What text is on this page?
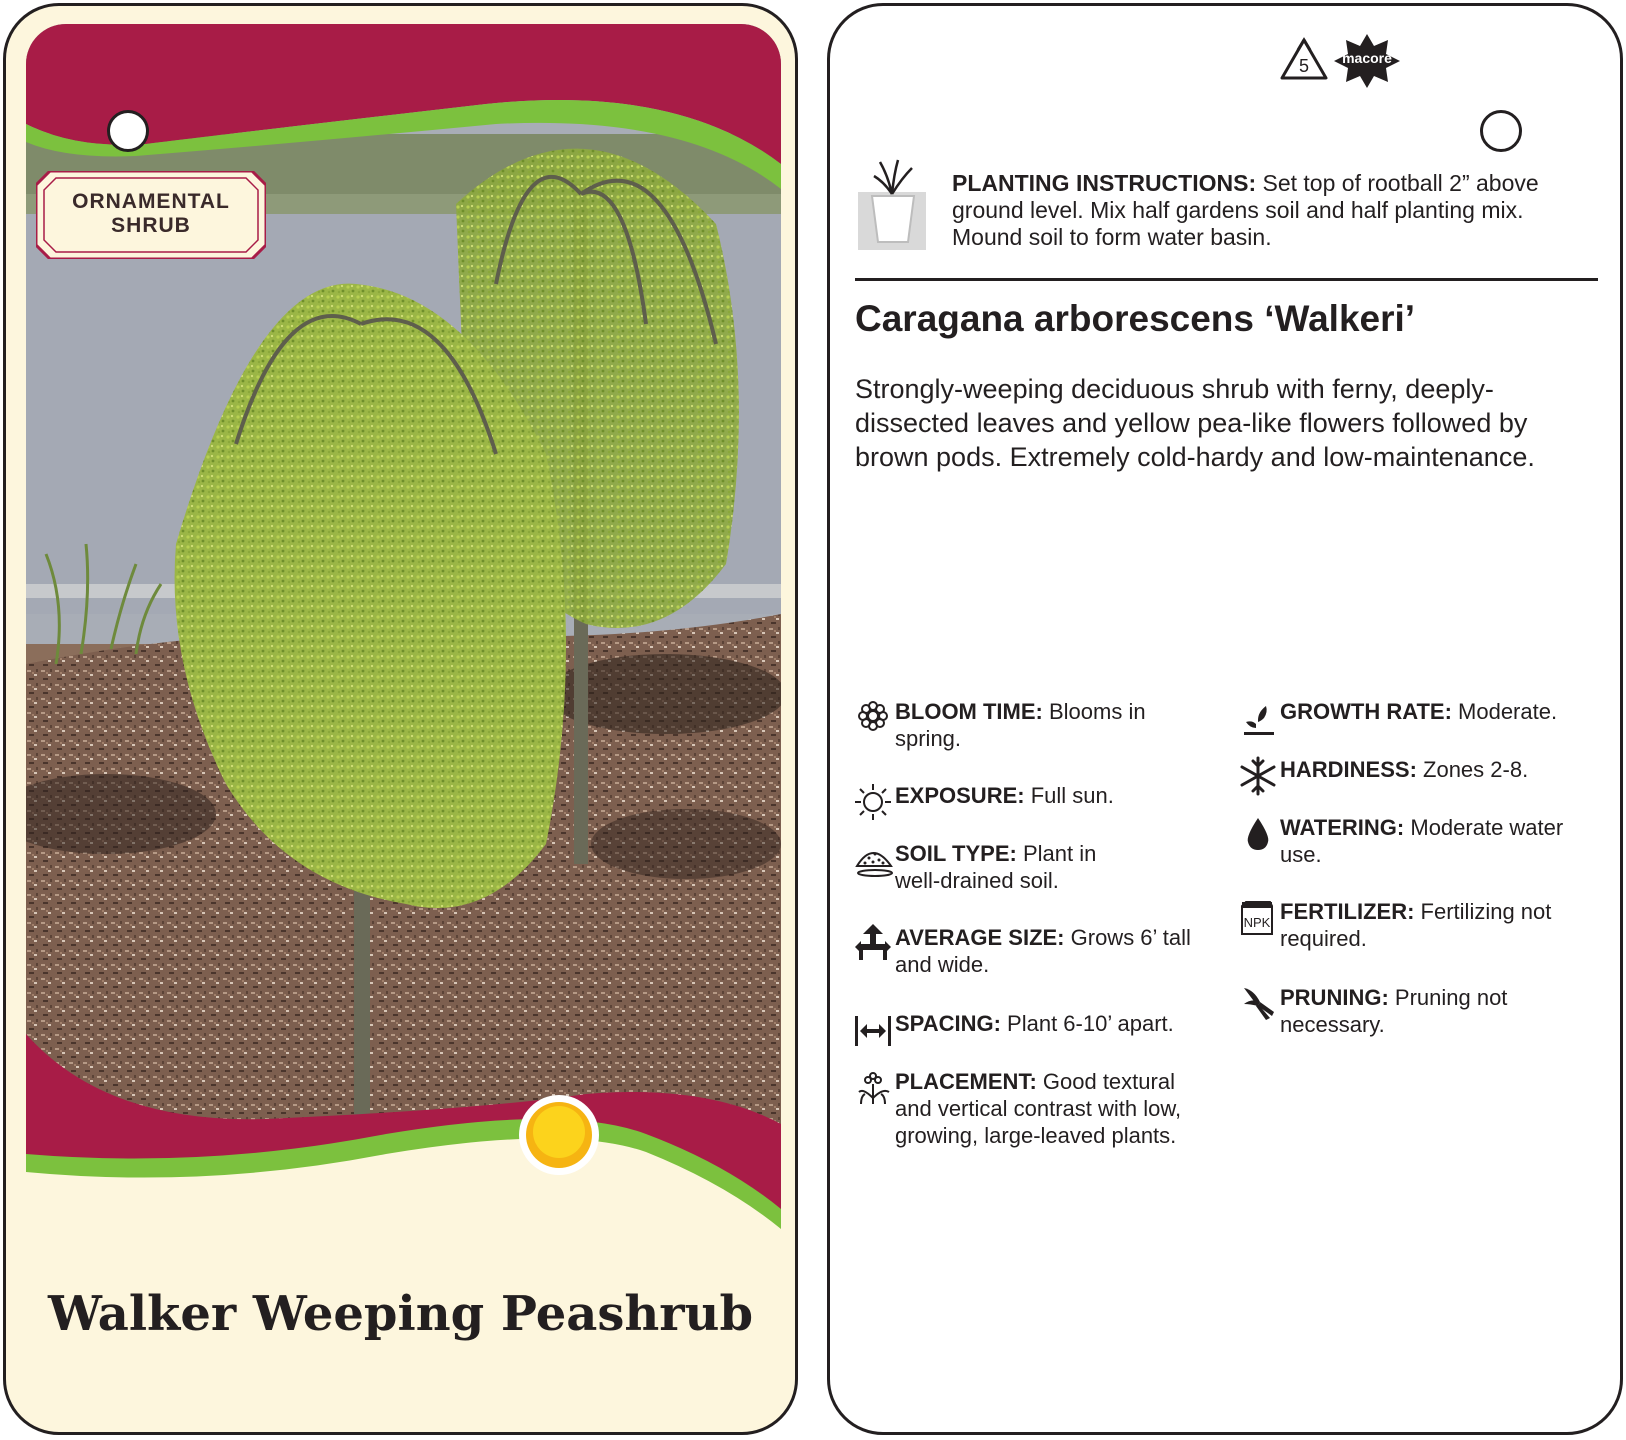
ORNAMENTAL
SHRUB
Walker Weeping Peashrub
5	macore
PLANTING INSTRUCTIONS: Set top of rootball 2” above ground level. Mix half gardens soil and half planting mix. Mound soil to form water basin.
Caragana arborescens ‘Walkeri’
Strongly-weeping deciduous shrub with ferny, deeply-dissected leaves and yellow pea-like flowers followed by brown pods. Extremely cold-hardy and low-maintenance.
BLOOM TIME: Blooms in spring.
EXPOSURE: Full sun.
SOIL TYPE: Plant in well-drained soil.
AVERAGE SIZE: Grows 6’ tall and wide.
SPACING: Plant 6-10’ apart.
PLACEMENT: Good textural and vertical contrast with low, growing, large-leaved plants.
GROWTH RATE: Moderate.
HARDINESS: Zones 2-8.
WATERING: Moderate water use.
NPK FERTILIZER: Fertilizing not required.
PRUNING: Pruning not necessary.
